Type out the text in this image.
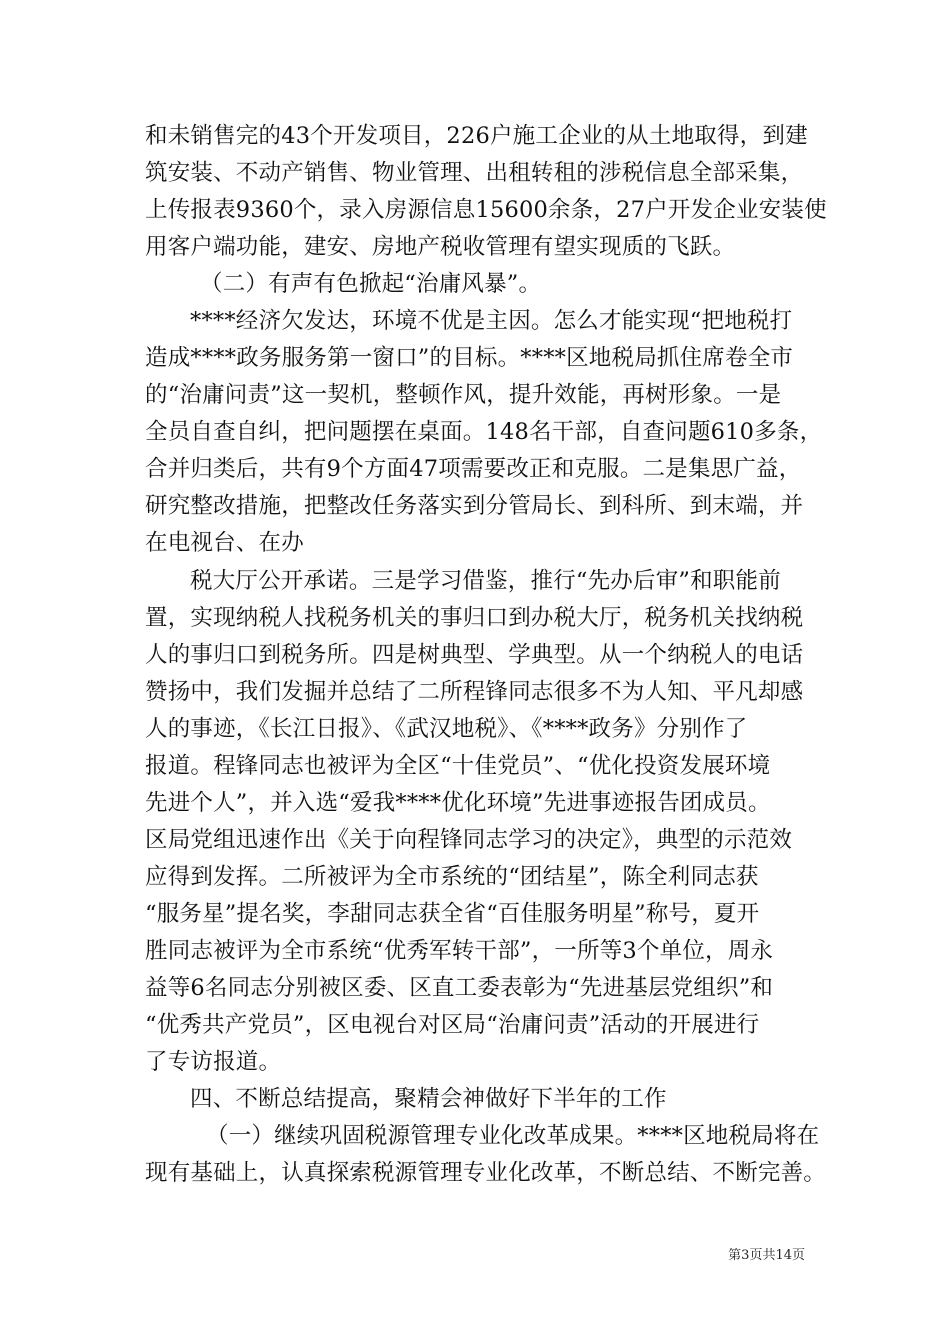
和未销售完的43个开发项目，226户施工企业的从土地取得，到建
筑安装、不动产销售、物业管理、出租转租的涉税信息全部采集，
上传报表9360个，录入房源信息15600余条，27户开发企业安装使
用客户端功能，建安、房地产税收管理有望实现质的飞跃。
（二）有声有色掀起“治庸风暴”。
****经济欠发达，环境不优是主因。怎么才能实现“把地税打
造成****政务服务第一窗口”的目标。****区地税局抓住席卷全市
的“治庸问责”这一契机，整顿作风，提升效能，再树形象。一是
全员自查自纠，把问题摆在桌面。148名干部，自查问题610多条，
合并归类后，共有9个方面47项需要改正和克服。二是集思广益，
研究整改措施，把整改任务落实到分管局长、到科所、到末端，并
在电视台、在办
税大厅公开承诺。三是学习借鉴，推行“先办后审”和职能前
置，实现纳税人找税务机关的事归口到办税大厅，税务机关找纳税
人的事归口到税务所。四是树典型、学典型。从一个纳税人的电话
赞扬中，我们发掘并总结了二所程锋同志很多不为人知、平凡却感
人的事迹，《长江日报》、《武汉地税》、《****政务》分别作了
报道。程锋同志也被评为全区“十佳党员”、“优化投资发展环境
先进个人”，并入选“爱我****优化环境”先进事迹报告团成员。
区局党组迅速作出《关于向程锋同志学习的决定》，典型的示范效
应得到发挥。二所被评为全市系统的“团结星”，陈全利同志获
“服务星”提名奖，李甜同志获全省“百佳服务明星”称号，夏开
胜同志被评为全市系统“优秀军转干部”，一所等3个单位，周永
益等6名同志分别被区委、区直工委表彰为“先进基层党组织”和
“优秀共产党员”，区电视台对区局“治庸问责”活动的开展进行
了专访报道。
四、不断总结提高，聚精会神做好下半年的工作
（一）继续巩固税源管理专业化改革成果。****区地税局将在
现有基础上，认真探索税源管理专业化改革，不断总结、不断完善。
第3页共14页
